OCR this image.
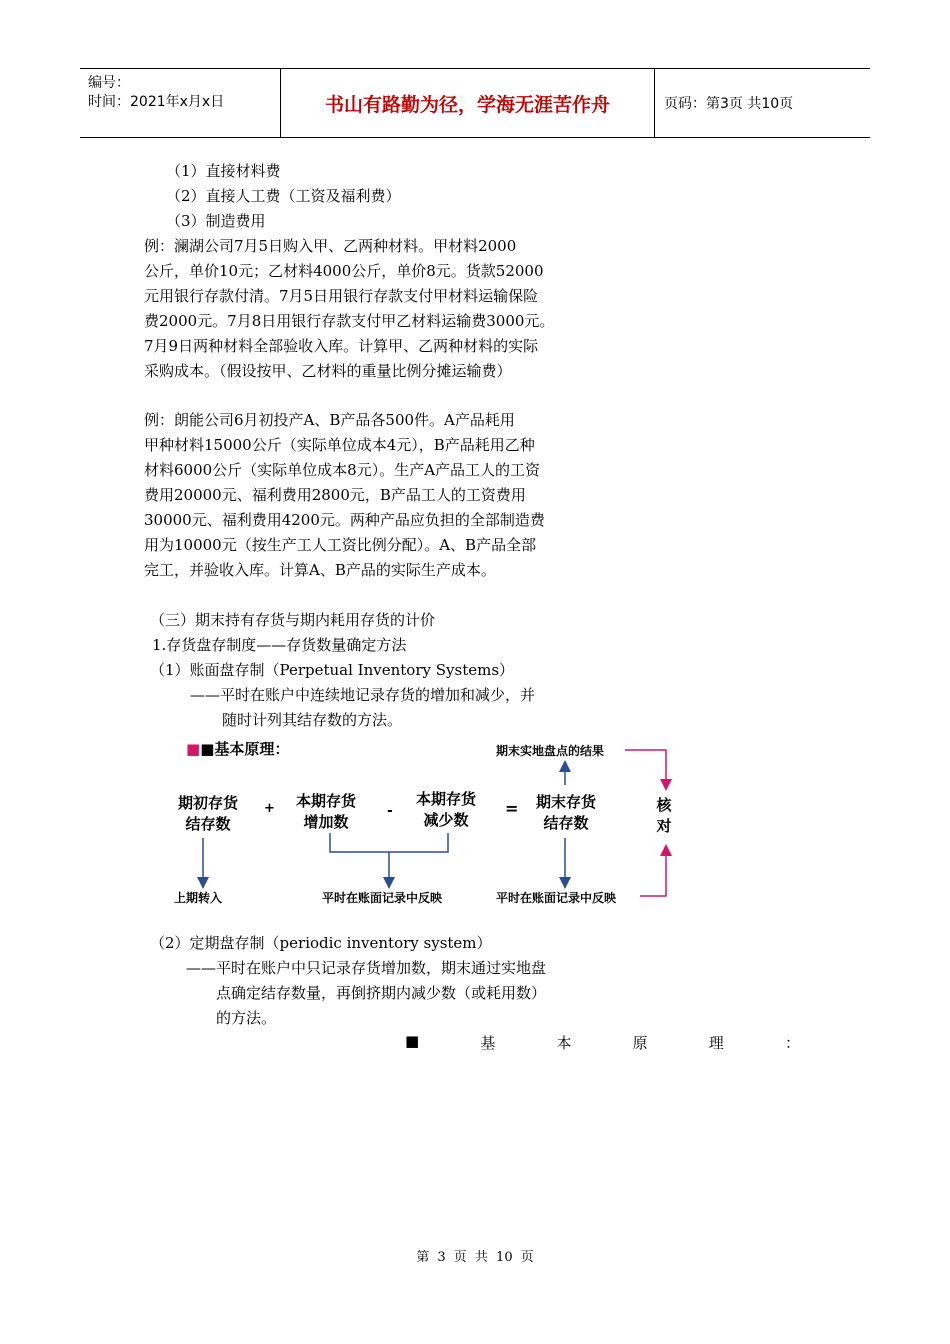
编号：
时间：2021年x月x日	书山有路勤为径，学海无涯苦作舟	页码：第3页 共10页
（1）直接材料费
（2）直接人工费（工资及福利费）
（3）制造费用
例：澜湖公司7月5日购入甲、乙两种材料。甲材料2000
公斤，单价10元；乙材料4000公斤，单价8元。货款52000
元用银行存款付清。7月5日用银行存款支付甲材料运输保险
费2000元。7月8日用银行存款支付甲乙材料运输费3000元。
7月9日两种材料全部验收入库。计算甲、乙两种材料的实际
采购成本。（假设按甲、乙材料的重量比例分摊运输费）
例：朗能公司6月初投产A、B产品各500件。A产品耗用
甲种材料15000公斤（实际单位成本4元），B产品耗用乙种
材料6000公斤（实际单位成本8元）。生产A产品工人的工资
费用20000元、福利费用2800元，B产品工人的工资费用
30000元、福利费用4200元。两种产品应负担的全部制造费
用为10000元（按生产工人工资比例分配）。A、B产品全部
完工，并验收入库。计算A、B产品的实际生产成本。
（三）期末持有存货与期内耗用存货的计价
1.存货盘存制度——存货数量确定方法
（1）账面盘存制（Perpetual Inventory Systems）
——平时在账户中连续地记录存货的增加和减少，并
随时计列其结存数的方法。
■■基本原理：	期末实地盘点的结果
期初存货
结存数
+	本期存货
增加数
-
本期存货
减少数
=	期末存货
结存数
核
对
上期转入	平时在账面记录中反映	平时在账面记录中反映
（2）定期盘存制（periodic inventory system）
——平时在账户中只记录存货增加数，期末通过实地盘
点确定结存数量，再倒挤期内减少数（或耗用数）
的方法。
■	基	本	原	理	：
第 3 页 共 10 页
